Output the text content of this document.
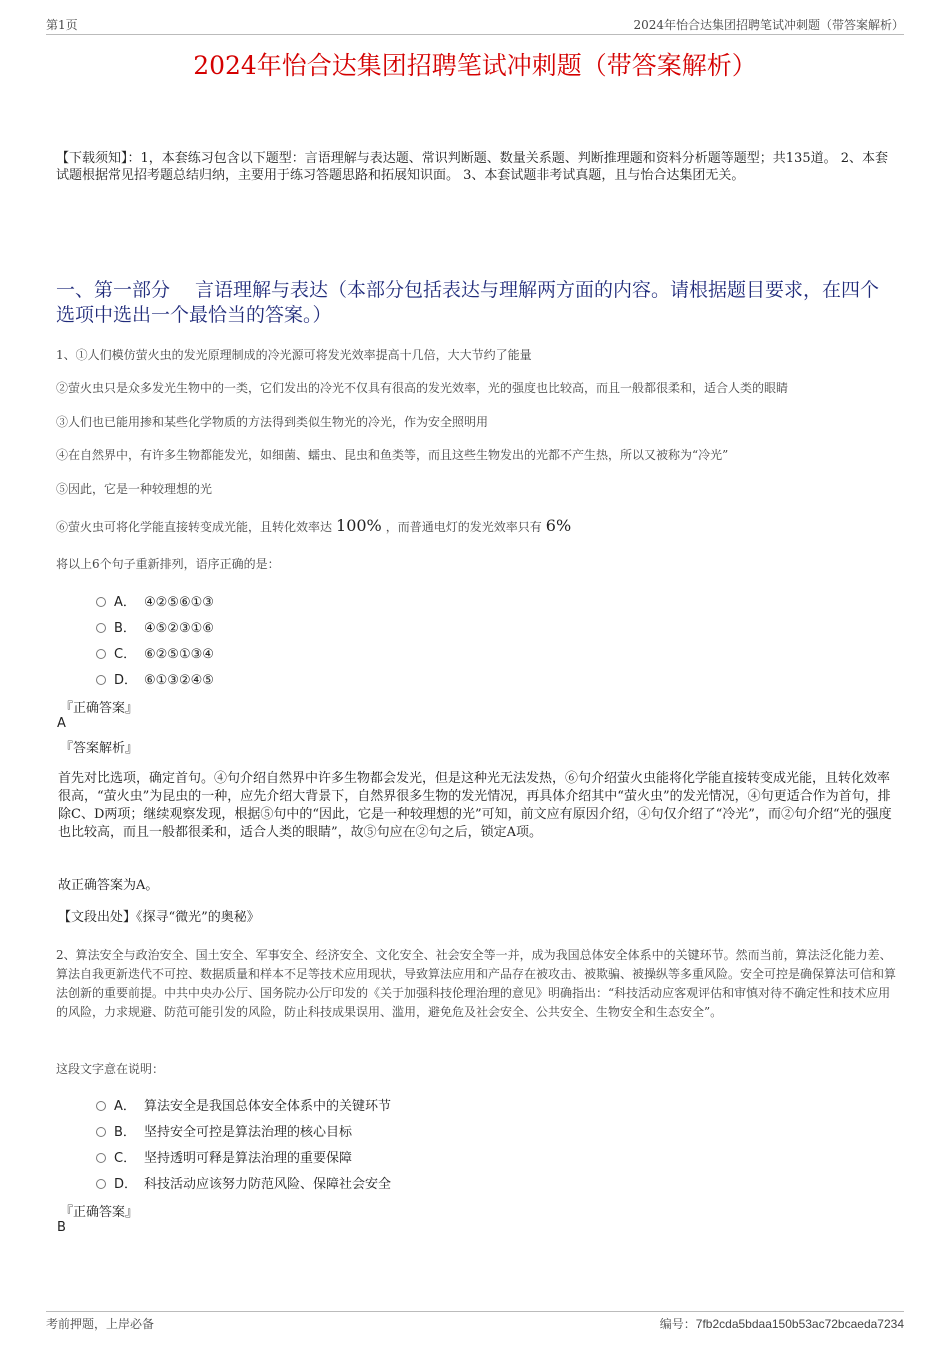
第1页	2024年怡合达集团招聘笔试冲刺题（带答案解析）
2024年怡合达集团招聘笔试冲刺题（带答案解析）
【下载须知】：1，本套练习包含以下题型：言语理解与表达题、常识判断题、数量关系题、判断推理题和资料分析题等题型；共135道。 2、本套试题根据常见招考题总结归纳，主要用于练习答题思路和拓展知识面。 3、本套试题非考试真题，且与怡合达集团无关。
一、第一部分　 言语理解与表达（本部分包括表达与理解两方面的内容。请根据题目要求，在四个选项中选出一个最恰当的答案。）
1、①人们模仿萤火虫的发光原理制成的冷光源可将发光效率提高十几倍，大大节约了能量
②萤火虫只是众多发光生物中的一类，它们发出的冷光不仅具有很高的发光效率，光的强度也比较高，而且一般都很柔和，适合人类的眼睛
③人们也已能用掺和某些化学物质的方法得到类似生物光的冷光，作为安全照明用
④在自然界中，有许多生物都能发光，如细菌、蠕虫、昆虫和鱼类等，而且这些生物发出的光都不产生热，所以又被称为“冷光”
⑤因此，它是一种较理想的光
⑥萤火虫可将化学能直接转变成光能，且转化效率达 100% ，而普通电灯的发光效率只有 6%
将以上6个句子重新排列，语序正确的是：
A． ④②⑤⑥①③
B． ④⑤②③①⑥
C． ⑥②⑤①③④
D． ⑥①③②④⑤
『正确答案』
A
『答案解析』
首先对比选项，确定首句。④句介绍自然界中许多生物都会发光，但是这种光无法发热，⑥句介绍萤火虫能将化学能直接转变成光能，且转化效率很高，“萤火虫”为昆虫的一种，应先介绍大背景下，自然界很多生物的发光情况，再具体介绍其中“萤火虫”的发光情况，④句更适合作为首句，排除C、D两项；继续观察发现，根据⑤句中的“因此，它是一种较理想的光”可知，前文应有原因介绍，④句仅介绍了“冷光”，而②句介绍“光的强度也比较高，而且一般都很柔和，适合人类的眼睛”，故⑤句应在②句之后，锁定A项。
故正确答案为A。
【文段出处】《探寻“微光”的奥秘》
2、算法安全与政治安全、国土安全、军事安全、经济安全、文化安全、社会安全等一并，成为我国总体安全体系中的关键环节。然而当前，算法泛化能力差、算法自我更新迭代不可控、数据质量和样本不足等技术应用现状，导致算法应用和产品存在被攻击、被欺骗、被操纵等多重风险。安全可控是确保算法可信和算法创新的重要前提。中共中央办公厅、国务院办公厅印发的《关于加强科技伦理治理的意见》明确指出：“科技活动应客观评估和审慎对待不确定性和技术应用的风险，力求规避、防范可能引发的风险，防止科技成果误用、滥用，避免危及社会安全、公共安全、生物安全和生态安全”。
这段文字意在说明：
A． 算法安全是我国总体安全体系中的关键环节
B． 坚持安全可控是算法治理的核心目标
C． 坚持透明可释是算法治理的重要保障
D． 科技活动应该努力防范风险、保障社会安全
『正确答案』
B
考前押题，上岸必备	编号：7fb2cda5bdaa150b53ac72bcaeda7234
